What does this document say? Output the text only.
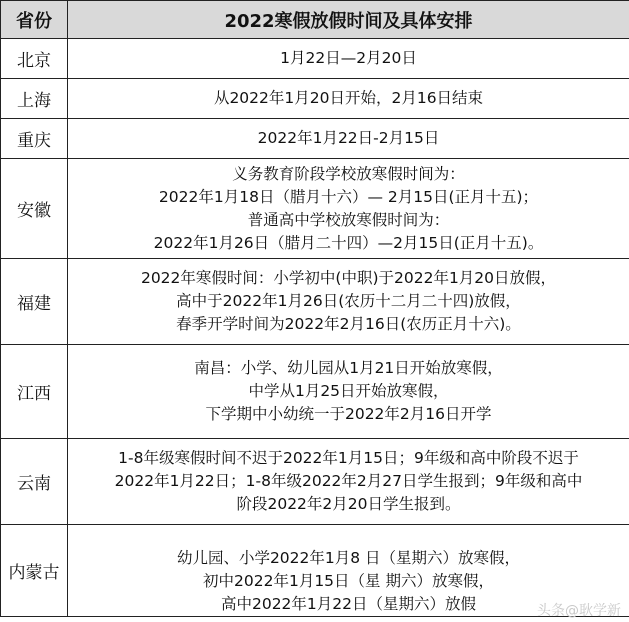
省份	2022寒假放假时间及具体安排
北京	1月22日—2月20日

上海	从2022年1月20日开始，2月16日结束

重庆	2022年1月22日-2月15日

安徽	义务教育阶段学校放寒假时间为：
2022年1月18日（腊月十六）— 2月15日(正月十五)；
普通高中学校放寒假时间为：
2022年1月26日（腊月二十四）—2月15日(正月十五)。

福建	2022年寒假时间：小学初中(中职)于2022年1月20日放假，
高中于2022年1月26日(农历十二月二十四)放假，
春季开学时间为2022年2月16日(农历正月十六)。

江西	南昌：小学、幼儿园从1月21日开始放寒假，
中学从1月25日开始放寒假，
下学期中小幼统一于2022年2月16日开学

云南	1-8年级寒假时间不迟于2022年1月15日；9年级和高中阶段不迟于
2022年1月22日；1-8年级2022年2月27日学生报到；9年级和高中
阶段2022年2月20日学生报到。

内蒙古	幼儿园、小学2022年1月8 日（星期六）放寒假，
初中2022年1月15日（星 期六）放寒假，
高中2022年1月22日（星期六）放假	头条@耿学新
